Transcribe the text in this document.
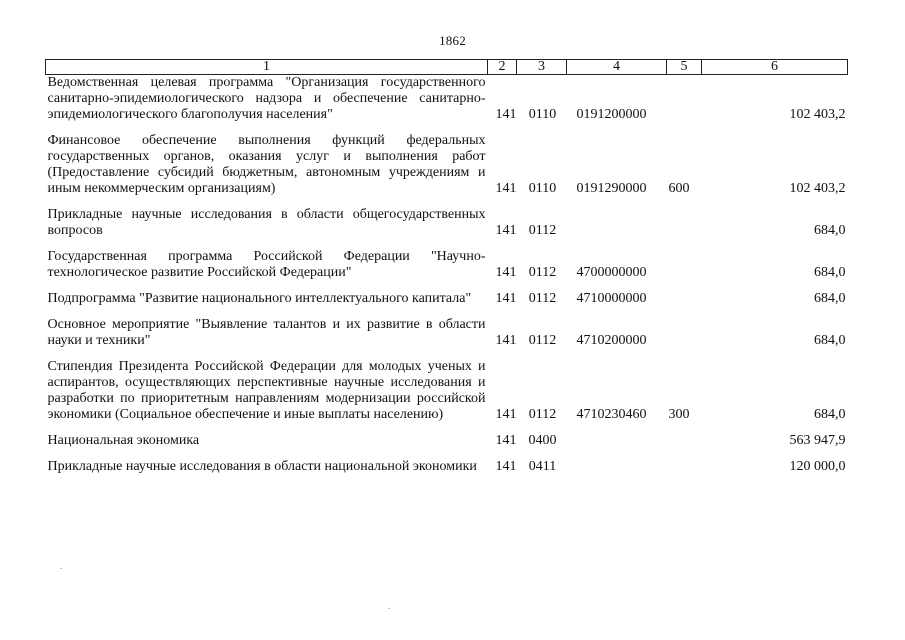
1862
1	2	3	4	5	6
Ведомственная целевая программа "Организация государственного санитарно-эпидемиологического надзора и обеспечение санитарно-эпидемиологического благополучия населения"	141	0110	0191200000		102 403,2

Финансовое обеспечение выполнения функций федеральных государственных органов, оказания услуг и выполнения работ (Предоставление субсидий бюджетным, автономным учреждениям и иным некоммерческим организациям)	141	0110	0191290000	600	102 403,2

Прикладные научные исследования в области общегосударственных вопросов	141	0112			684,0

Государственная программа Российской Федерации "Научно-технологическое развитие Российской Федерации"	141	0112	4700000000		684,0

Подпрограмма "Развитие национального интеллектуального капитала"	141	0112	4710000000		684,0

Основное мероприятие "Выявление талантов и их развитие в области науки и техники"	141	0112	4710200000		684,0

Стипендия Президента Российской Федерации для молодых ученых и аспирантов, осуществляющих перспективные научные исследования и разработки по приоритетным направлениям модернизации российской экономики (Социальное обеспечение и иные выплаты населению)	141	0112	4710230460	300	684,0

Национальная экономика	141	0400			563 947,9

Прикладные научные исследования в области национальной экономики	141	0411			120 000,0
